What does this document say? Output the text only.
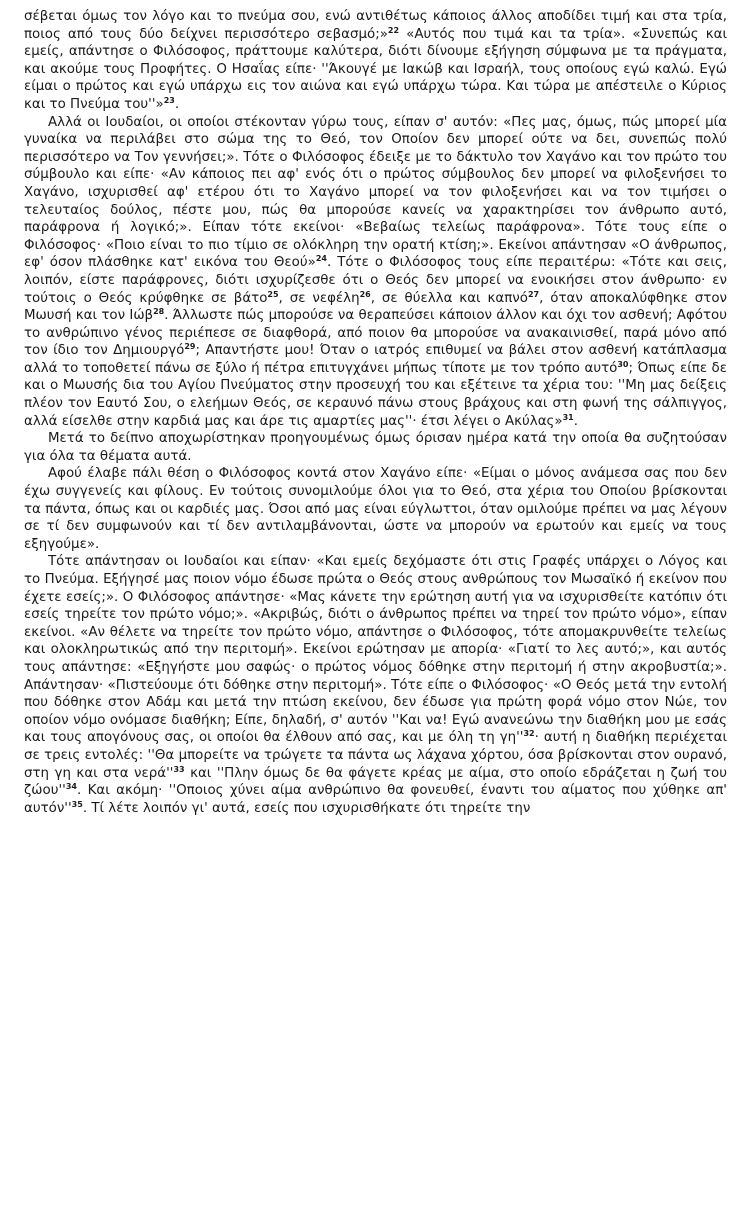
σέβεται όμως τον λόγο και το πνεύμα σου, ενώ αντιθέτως κάποιος άλλος αποδίδει τιμή και στα τρία, ποιος από τους δύο δείχνει περισσότερο σεβασμό;»$^{22}$ «Αυτός που τιμά και τα τρία». «Συνεπώς και εμείς, απάντησε ο Φιλόσοφος, πράττουμε καλύτερα, διότι δίνουμε εξήγηση σύμφωνα με τα πράγματα, και ακούμε τους Προφήτες. Ο Ησαΐας είπε· ''Άκουγέ με Ιακώβ και Ισραήλ, τους οποίους εγώ καλώ. Εγώ είμαι ο πρώτος και εγώ υπάρχω εις τον αιώνα και εγώ υπάρχω τώρα. Και τώρα με απέστειλε ο Κύριος και το Πνεύμα του''»$^{23}$.

Αλλά οι Ιουδαίοι, οι οποίοι στέκονταν γύρω τους, είπαν σ' αυτόν: «Πες μας, όμως, πώς μπορεί μία γυναίκα να περιλάβει στο σώμα της το Θεό, τον Οποίον δεν μπορεί ούτε να δει, συνεπώς πολύ περισσότερο να Τον γεννήσει;». Τότε ο Φιλόσοφος έδειξε με το δάκτυλο τον Χαγάνο και τον πρώτο του σύμβουλο και είπε· «Αν κάποιος πει αφ' ενός ότι ο πρώτος σύμβουλος δεν μπορεί να φιλοξενήσει το Χαγάνο, ισχυρισθεί αφ' ετέρου ότι το Χαγάνο μπορεί να τον φιλοξενήσει και να τον τιμήσει ο τελευταίος δούλος, πέστε μου, πώς θα μπορούσε κανείς να χαρακτηρίσει τον άνθρωπο αυτό, παράφρονα ή λογικό;». Είπαν τότε εκείνοι· «Βεβαίως τελείως παράφρονα». Τότε τους είπε ο Φιλόσοφος· «Ποιο είναι το πιο τίμιο σε ολόκληρη την ορατή κτίση;». Εκείνοι απάντησαν «Ο άνθρωπος, εφ' όσον πλάσθηκε κατ' εικόνα του Θεού»$^{24}$. Τότε ο Φιλόσοφος τους είπε περαιτέρω: «Τότε και σεις, λοιπόν, είστε παράφρονες, διότι ισχυρίζεσθε ότι ο Θεός δεν μπορεί να ενοικήσει στον άνθρωπο· εν τούτοις ο Θεός κρύφθηκε σε βάτο$^{25}$, σε νεφέλη$^{26}$, σε θύελλα και καπνό$^{27}$, όταν αποκαλύφθηκε στον Μωυσή και τον Ιώβ$^{28}$. Άλλωστε πώς μπορούσε να θεραπεύσει κάποιον άλλον και όχι τον ασθενή; Αφότου το ανθρώπινο γένος περιέπεσε σε διαφθορά, από ποιον θα μπορούσε να ανακαινισθεί, παρά μόνο από τον ίδιο τον Δημιουργό$^{29}$; Απαντήστε μου! Όταν ο ιατρός επιθυμεί να βάλει στον ασθενή κατάπλασμα αλλά το τοποθετεί πάνω σε ξύλο ή πέτρα επιτυγχάνει μήπως τίποτε με τον τρόπο αυτό$^{30}$; Όπως είπε δε και ο Μωυσής δια του Αγίου Πνεύματος στην προσευχή του και εξέτεινε τα χέρια του: ''Μη μας δείξεις πλέον τον Εαυτό Σου, ο ελεήμων Θεός, σε κεραυνό πάνω στους βράχους και στη φωνή της σάλπιγγος, αλλά είσελθε στην καρδιά μας και άρε τις αμαρτίες μας''· έτσι λέγει ο Ακύλας»$^{31}$.

Μετά το δείπνο αποχωρίστηκαν προηγουμένως όμως όρισαν ημέρα κατά την οποία θα συζητούσαν για όλα τα θέματα αυτά.

Αφού έλαβε πάλι θέση ο Φιλόσοφος κοντά στον Χαγάνο είπε· «Είμαι ο μόνος ανάμεσα σας που δεν έχω συγγενείς και φίλους. Εν τούτοις συνομιλούμε όλοι για το Θεό, στα χέρια του Οποίου βρίσκονται τα πάντα, όπως και οι καρδιές μας. Όσοι από μας είναι εύγλωττοι, όταν ομιλούμε πρέπει να μας λέγουν σε τί δεν συμφωνούν και τί δεν αντιλαμβάνονται, ώστε να μπορούν να ερωτούν και εμείς να τους εξηγούμε».

Τότε απάντησαν οι Ιουδαίοι και είπαν· «Και εμείς δεχόμαστε ότι στις Γραφές υπάρχει ο Λόγος και το Πνεύμα. Εξήγησέ μας ποιον νόμο έδωσε πρώτα ο Θεός στους ανθρώπους τον Μωσαϊκό ή εκείνον που έχετε εσείς;». Ο Φιλόσοφος απάντησε· «Μας κάνετε την ερώτηση αυτή για να ισχυρισθείτε κατόπιν ότι εσείς τηρείτε τον πρώτο νόμο;». «Ακριβώς, διότι ο άνθρωπος πρέπει να τηρεί τον πρώτο νόμο», είπαν εκείνοι. «Αν θέλετε να τηρείτε τον πρώτο νόμο, απάντησε ο Φιλόσοφος, τότε απομακρυνθείτε τελείως και ολοκληρωτικώς από την περιτομή». Εκείνοι ερώτησαν με απορία· «Γιατί το λες αυτό;», και αυτός τους απάντησε: «Εξηγήστε μου σαφώς· ο πρώτος νόμος δόθηκε στην περιτομή ή στην ακροβυστία;». Απάντησαν· «Πιστεύουμε ότι δόθηκε στην περιτομή». Τότε είπε ο Φιλόσοφος· «Ο Θεός μετά την εντολή που δόθηκε στον Αδάμ και μετά την πτώση εκείνου, δεν έδωσε για πρώτη φορά νόμο στον Νώε, τον οποίον νόμο ονόμασε διαθήκη; Είπε, δηλαδή, σ' αυτόν ''Και να! Εγώ ανανεώνω την διαθήκη μου με εσάς και τους απογόνους σας, οι οποίοι θα έλθουν από σας, και με όλη τη $\gamma\eta''^{32}\cdot \alpha\upsilon\tau ή$ η διαθήκη περιέχεται σε τρεις εντολές: ''Θα μπορείτε να τρώγετε τα πάντα ως λάχανα χόρτου, όσα βρίσκονται στον ουρανό, στη γη και στα $\nu\varepsilon\rho ά''^{33}$ και ''Πλην όμως δε θα φάγετε κρέας με αίμα, στο οποίο εδράζεται η ζωή του $\zeta ώo\upsilon''^{34}$. Και ακόμη· ''Οποιος χύνει αίμα ανθρώπινο θα φονευθεί, έναντι του αίματος που χύθηκε απ' $\alpha\upsilon\tau ό\nu''^{35}$. Τί λέτε λοιπόν γι' αυτά, εσείς που ισχυρισθήκατε ότι τηρείτε την
